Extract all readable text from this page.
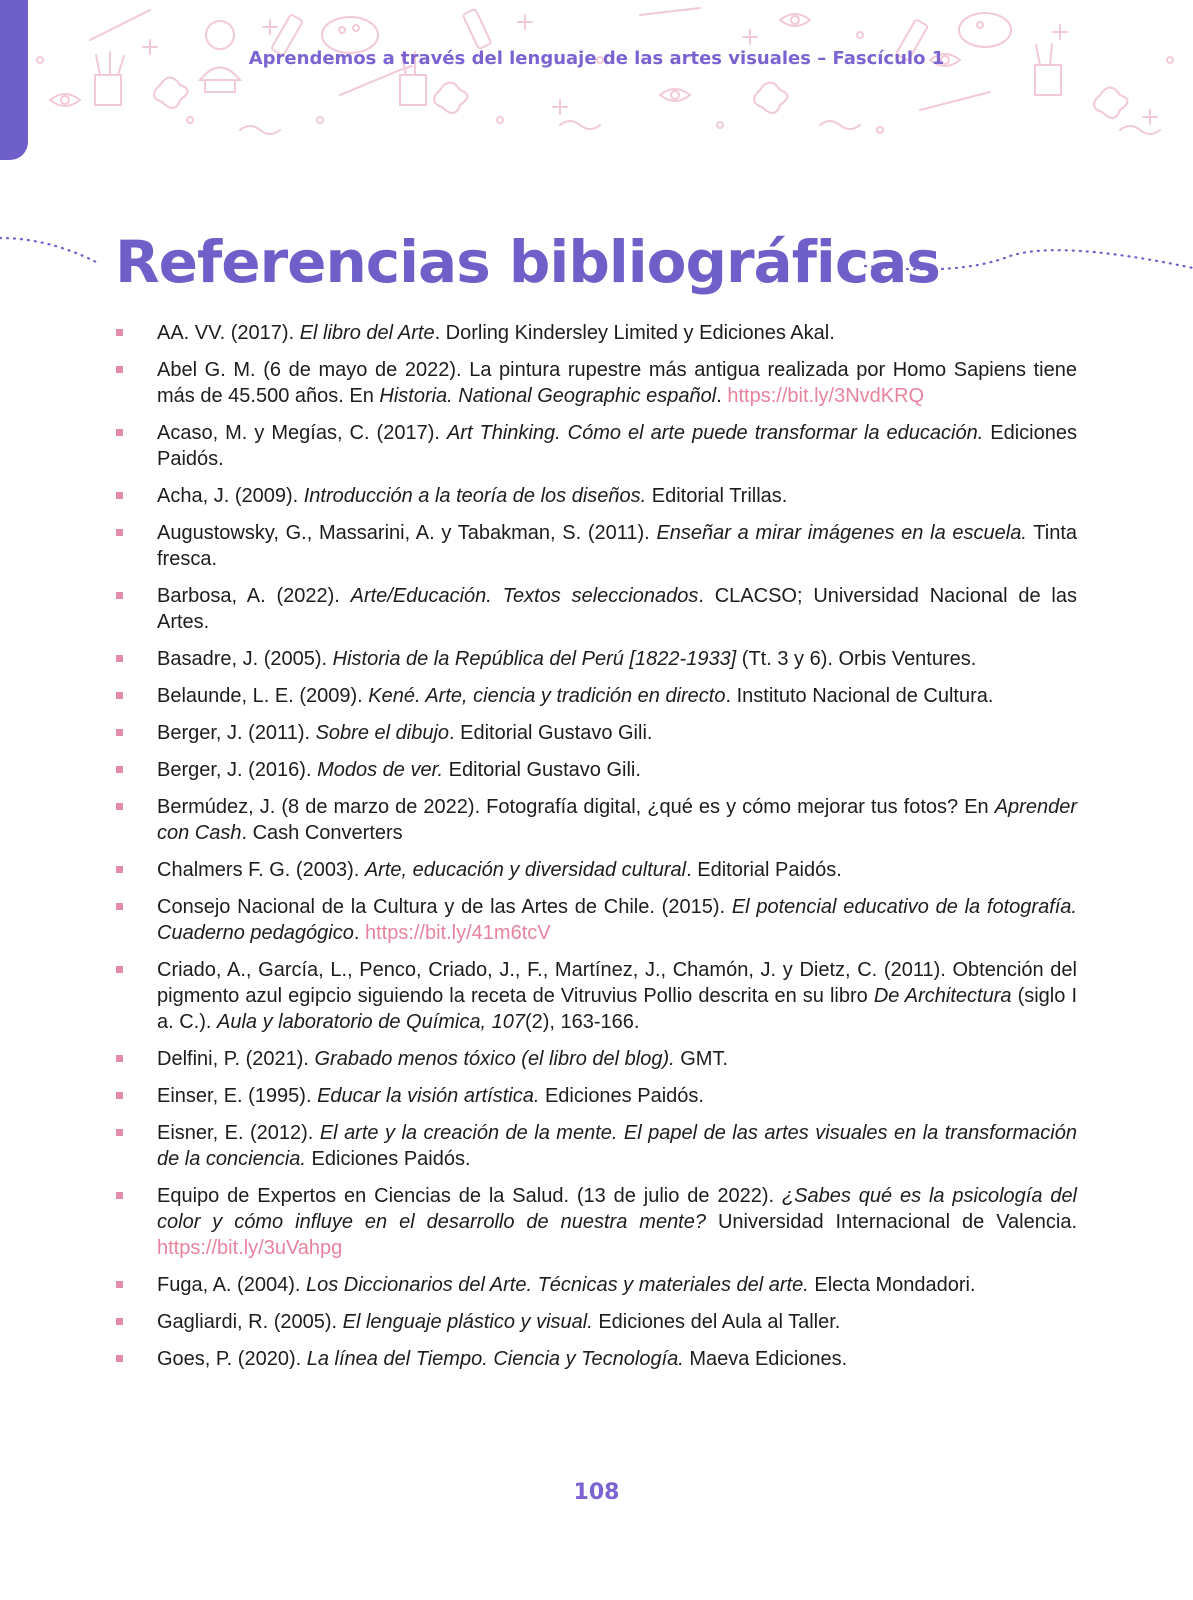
Aprendemos a través del lenguaje de las artes visuales – Fascículo 1
Referencias bibliográficas
AA. VV. (2017). El libro del Arte. Dorling Kindersley Limited y Ediciones Akal.
Abel G. M. (6 de mayo de 2022). La pintura rupestre más antigua realizada por Homo Sapiens tiene más de 45.500 años. En Historia. National Geographic español. https://bit.ly/3NvdKRQ
Acaso, M. y Megías, C. (2017). Art Thinking. Cómo el arte puede transformar la educación. Ediciones Paidós.
Acha, J. (2009). Introducción a la teoría de los diseños. Editorial Trillas.
Augustowsky, G., Massarini, A. y Tabakman, S. (2011). Enseñar a mirar imágenes en la escuela. Tinta fresca.
Barbosa, A. (2022). Arte/Educación. Textos seleccionados. CLACSO; Universidad Nacional de las Artes.
Basadre, J. (2005). Historia de la República del Perú [1822-1933] (Tt. 3 y 6). Orbis Ventures.
Belaunde, L. E. (2009). Kené. Arte, ciencia y tradición en directo. Instituto Nacional de Cultura.
Berger, J. (2011). Sobre el dibujo. Editorial Gustavo Gili.
Berger, J. (2016). Modos de ver. Editorial Gustavo Gili.
Bermúdez, J. (8 de marzo de 2022). Fotografía digital, ¿qué es y cómo mejorar tus fotos? En Aprender con Cash. Cash Converters
Chalmers F. G. (2003). Arte, educación y diversidad cultural. Editorial Paidós.
Consejo Nacional de la Cultura y de las Artes de Chile. (2015). El potencial educativo de la fotografía. Cuaderno pedagógico. https://bit.ly/41m6tcV
Criado, A., García, L., Penco, Criado, J., F., Martínez, J., Chamón, J. y Dietz, C. (2011). Obtención del pigmento azul egipcio siguiendo la receta de Vitruvius Pollio descrita en su libro De Architectura (siglo I a. C.). Aula y laboratorio de Química, 107(2), 163-166.
Delfini, P. (2021). Grabado menos tóxico (el libro del blog). GMT.
Einser, E. (1995). Educar la visión artística. Ediciones Paidós.
Eisner, E. (2012). El arte y la creación de la mente. El papel de las artes visuales en la transformación de la conciencia. Ediciones Paidós.
Equipo de Expertos en Ciencias de la Salud. (13 de julio de 2022). ¿Sabes qué es la psicología del color y cómo influye en el desarrollo de nuestra mente? Universidad Internacional de Valencia. https://bit.ly/3uVahpg
Fuga, A. (2004). Los Diccionarios del Arte. Técnicas y materiales del arte. Electa Mondadori.
Gagliardi, R. (2005). El lenguaje plástico y visual. Ediciones del Aula al Taller.
Goes, P. (2020). La línea del Tiempo. Ciencia y Tecnología. Maeva Ediciones.
108
